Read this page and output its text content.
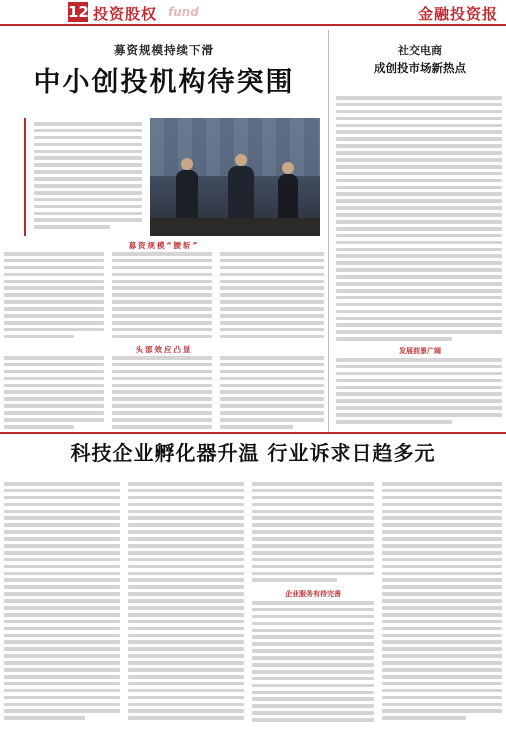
12 投资股权 fund	金融投资报
募资规模持续下滑
中小创投机构待突围
募资规模“腰斩”
头部效应凸显
社交电商
成创投市场新热点
发展前景广阔
科技企业孵化器升温 行业诉求日趋多元
企业服务有待完善
